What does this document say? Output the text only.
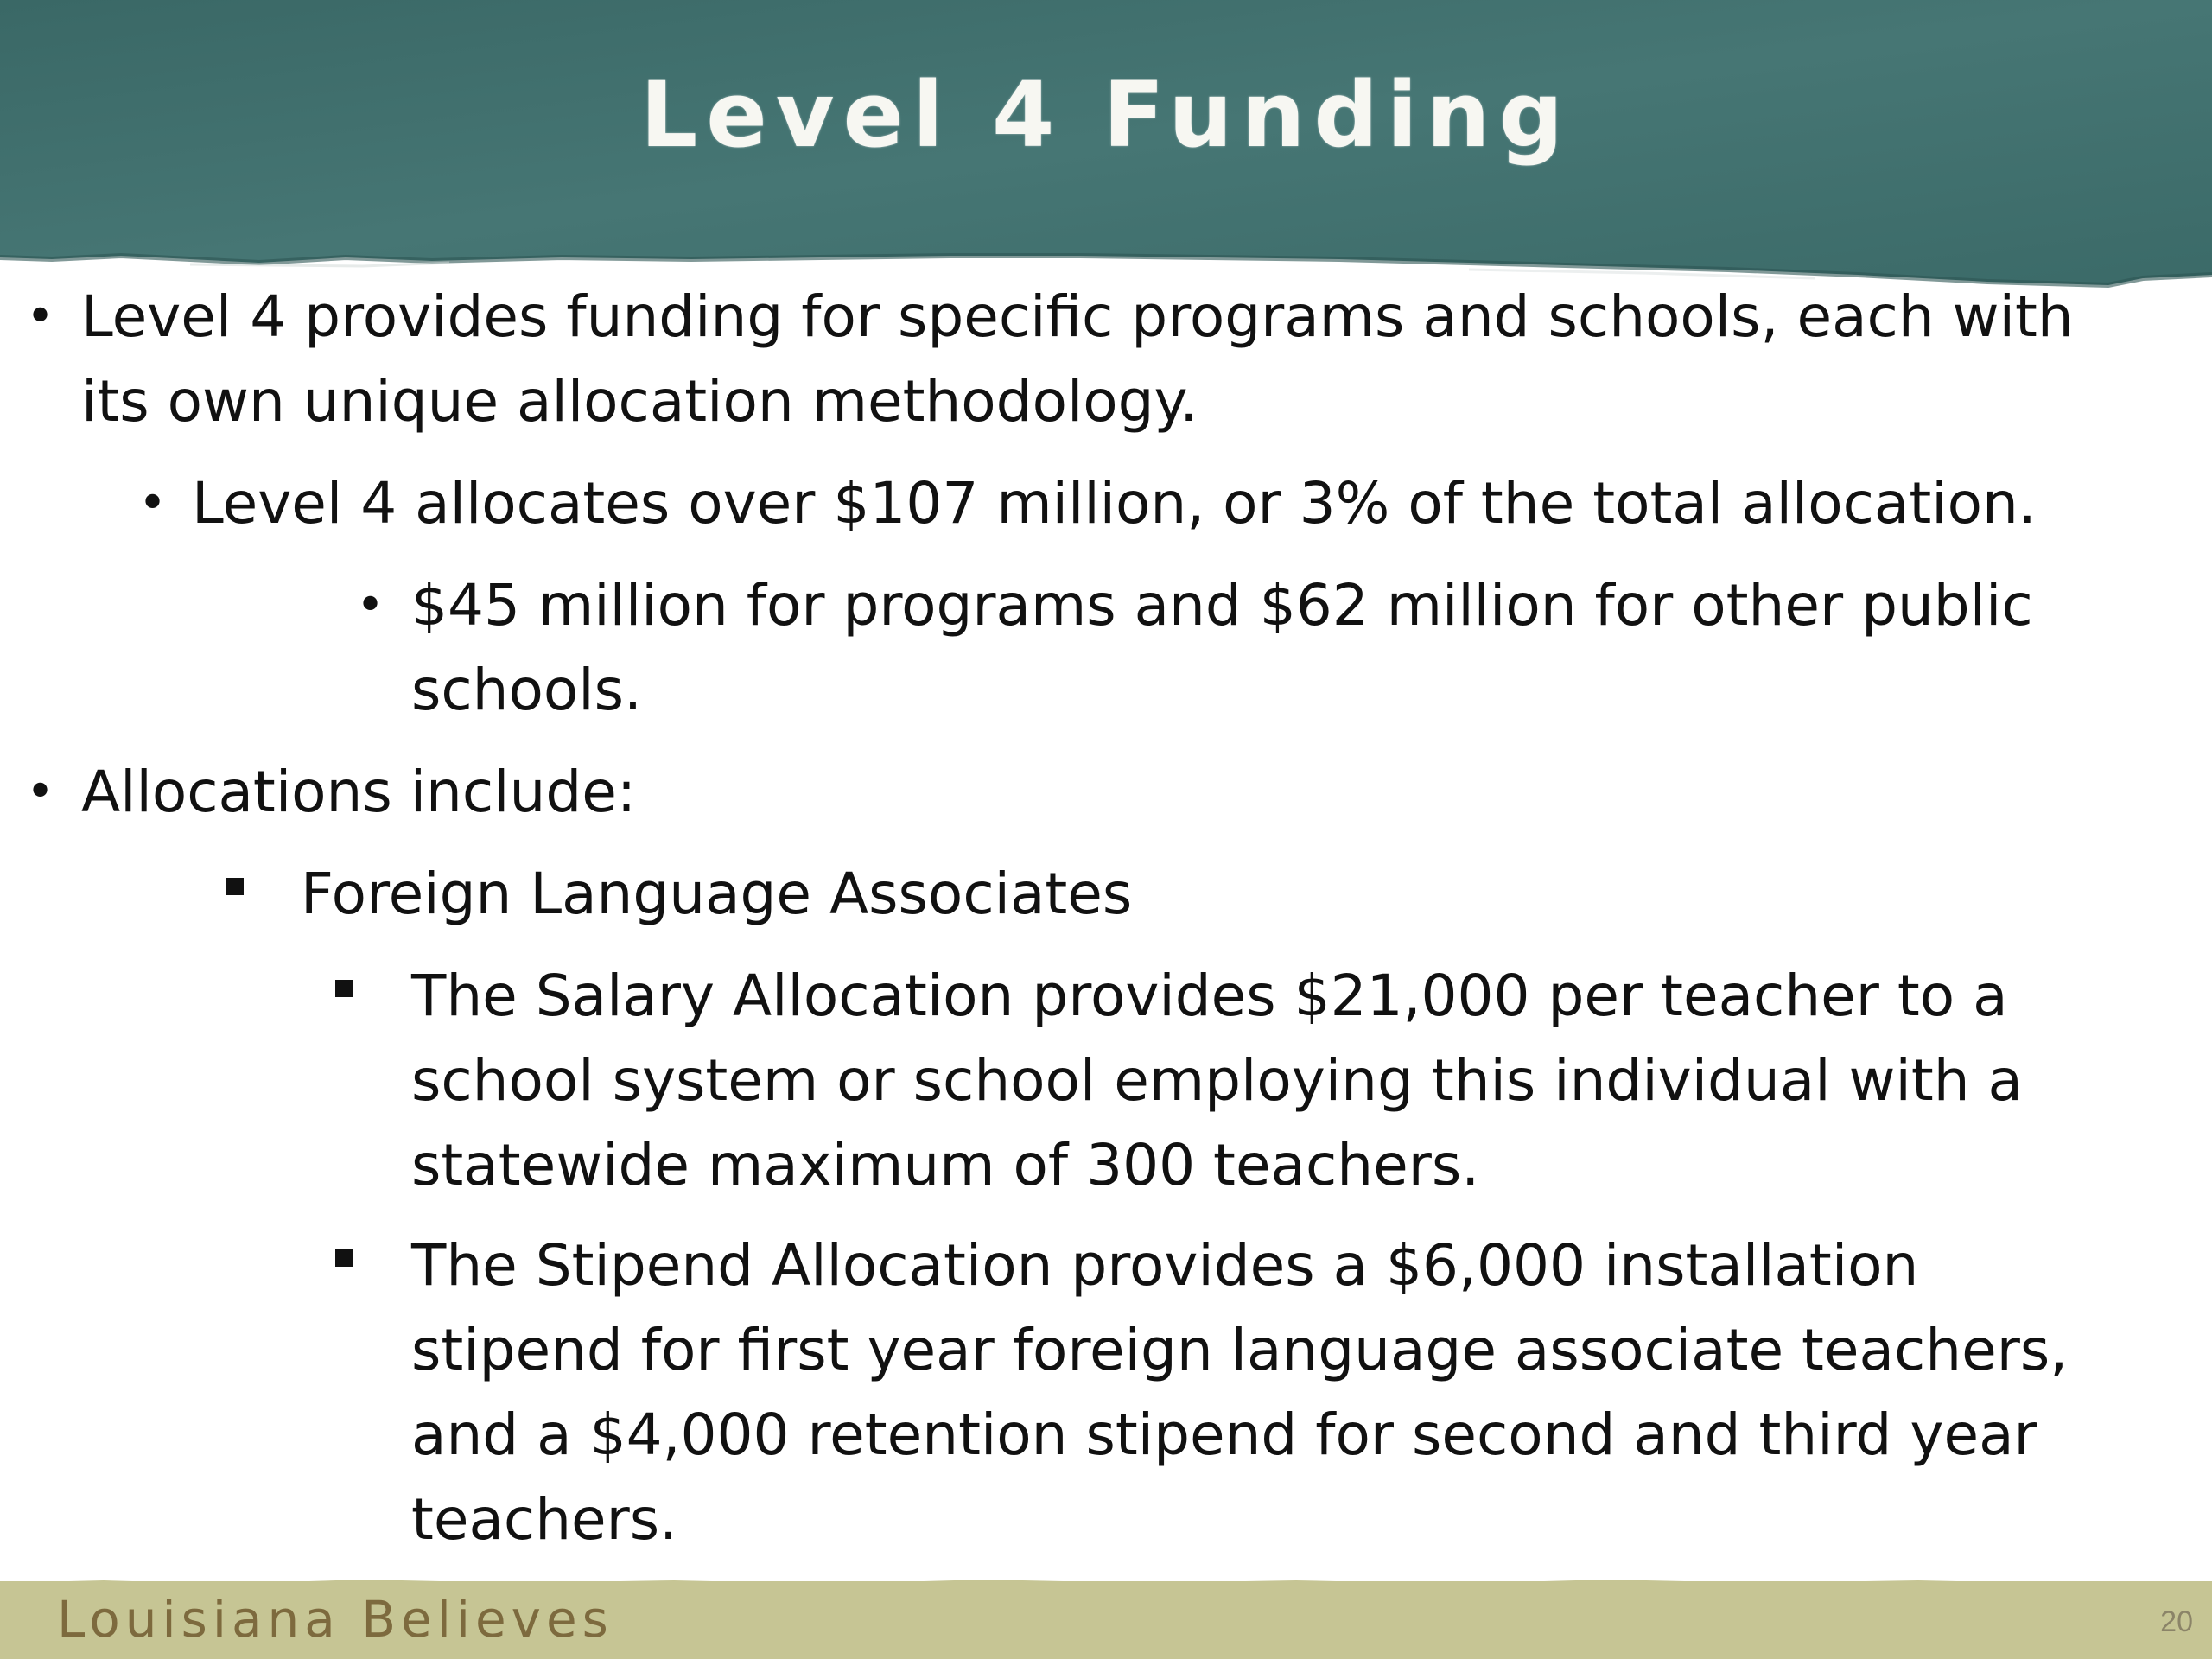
Level 4 Funding
• Level 4 provides funding for specific programs and schools, each with

its own unique allocation methodology.

• Level 4 allocates over $107 million, or 3% of the total allocation.

• $45 million for programs and $62 million for other public

schools.

• Allocations include:

Foreign Language Associates

The Salary Allocation provides $21,000 per teacher to a

school system or school employing this individual with a

statewide maximum of 300 teachers.

The Stipend Allocation provides a $6,000 installation

stipend for first year foreign language associate teachers,

and a $4,000 retention stipend for second and third year

teachers.

Louisiana Believes	20
